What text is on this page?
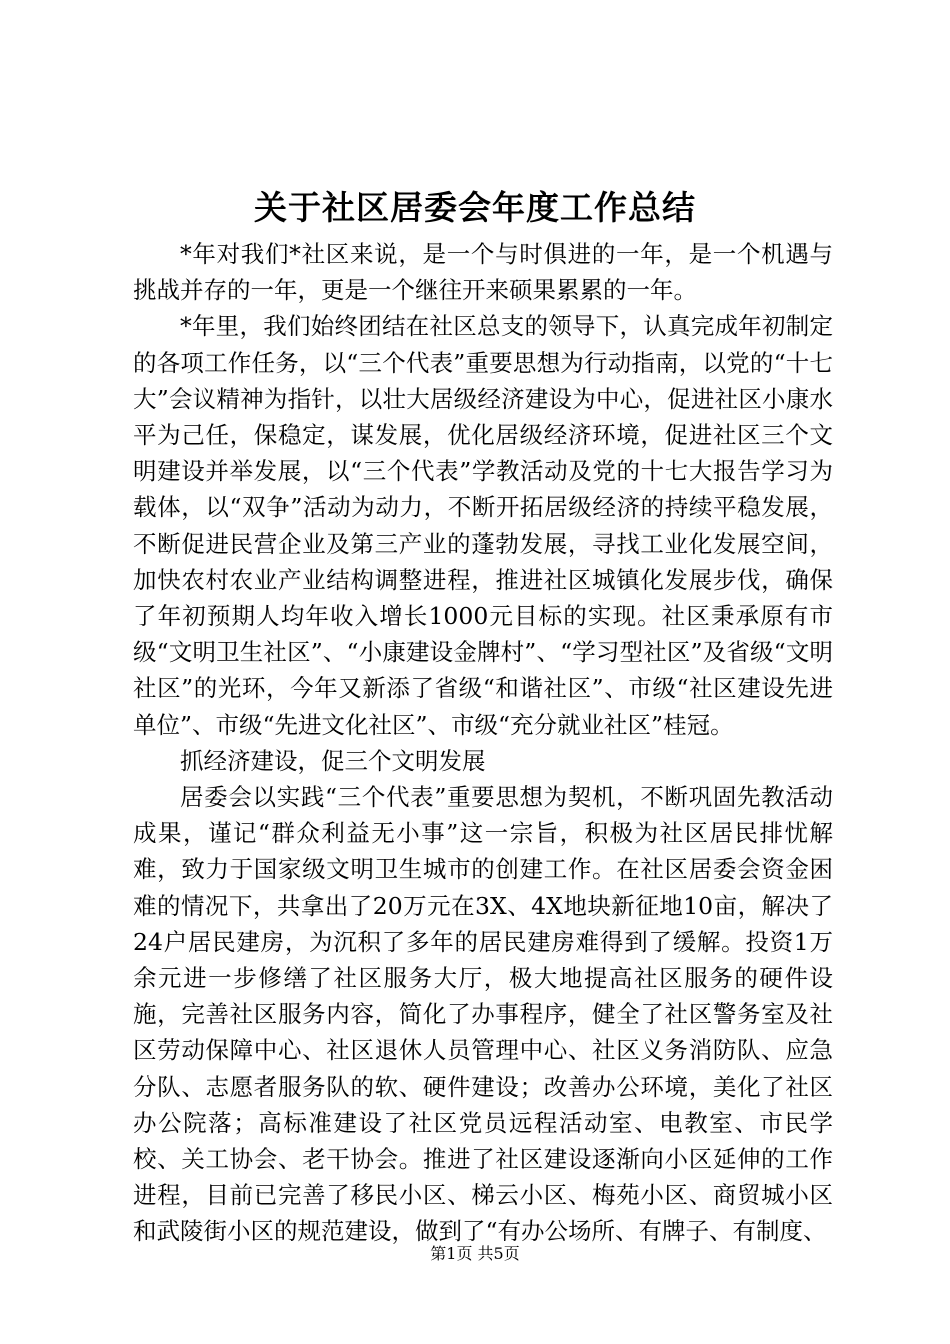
关于社区居委会年度工作总结

*年对我们*社区来说，是一个与时俱进的一年，是一个机遇与挑战并存的一年，更是一个继往开来硕果累累的一年。

*年里，我们始终团结在社区总支的领导下，认真完成年初制定的各项工作任务，以“三个代表”重要思想为行动指南，以党的“十七大”会议精神为指针，以壮大居级经济建设为中心，促进社区小康水平为己任，保稳定，谋发展，优化居级经济环境，促进社区三个文明建设并举发展，以“三个代表”学教活动及党的十七大报告学习为载体，以“双争”活动为动力，不断开拓居级经济的持续平稳发展，不断促进民营企业及第三产业的蓬勃发展，寻找工业化发展空间，加快农村农业产业结构调整进程，推进社区城镇化发展步伐，确保了年初预期人均年收入增长1000元目标的实现。社区秉承原有市级“文明卫生社区”、“小康建设金牌村”、“学习型社区”及省级“文明社区”的光环，今年又新添了省级“和谐社区”、市级“社区建设先进单位”、市级“先进文化社区”、市级“充分就业社区”桂冠。

抓经济建设，促三个文明发展

居委会以实践“三个代表”重要思想为契机，不断巩固先教活动成果，谨记“群众利益无小事”这一宗旨，积极为社区居民排忧解难，致力于国家级文明卫生城市的创建工作。在社区居委会资金困难的情况下，共拿出了20万元在3X、4X地块新征地10亩，解决了24户居民建房，为沉积了多年的居民建房难得到了缓解。投资1万余元进一步修缮了社区服务大厅，极大地提高社区服务的硬件设施，完善社区服务内容，简化了办事程序，健全了社区警务室及社区劳动保障中心、社区退休人员管理中心、社区义务消防队、应急分队、志愿者服务队的软、硬件建设；改善办公环境，美化了社区办公院落；高标准建设了社区党员远程活动室、电教室、市民学校、关工协会、老干协会。推进了社区建设逐渐向小区延伸的工作进程，目前已完善了移民小区、梯云小区、梅苑小区、商贸城小区和武陵街小区的规范建设，做到了“有办公场所、有牌子、有制度、

第1页 共5页
